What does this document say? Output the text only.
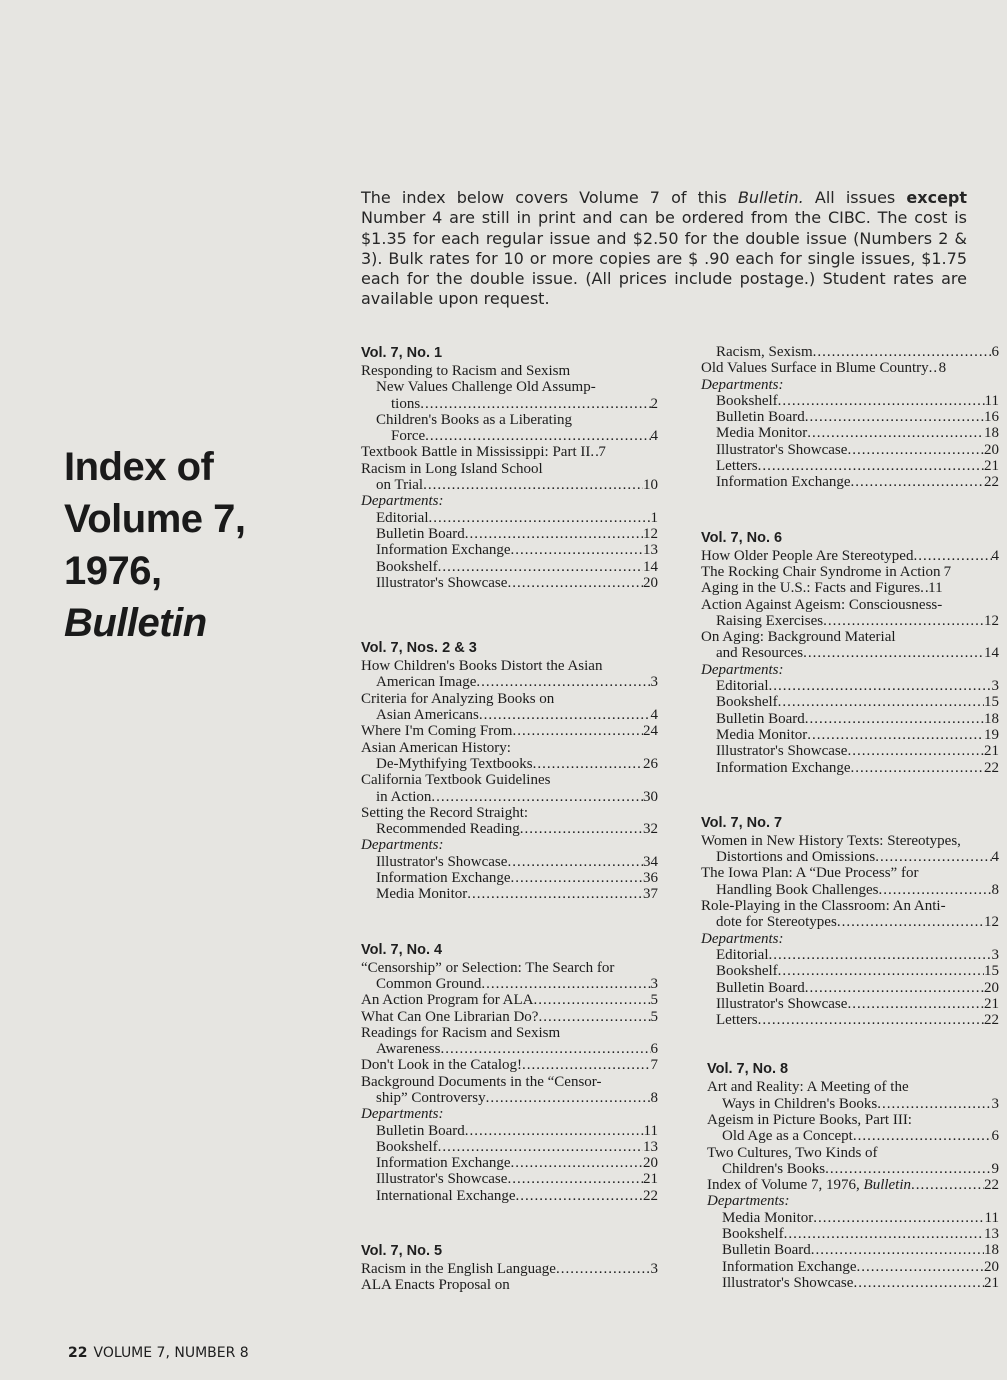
The index below covers Volume 7 of this Bulletin. All issues except Number 4 are still in print and can be ordered from the CIBC. The cost is $1.35 for each regular issue and $2.50 for the double issue (Numbers 2 & 3). Bulk rates for 10 or more copies are $ .90 each for single issues, $1.75 each for the double issue. (All prices include postage.) Student rates are available upon request.
Index of
Volume 7,
1976,
Bulletin
Vol. 7, No. 1
Responding to Racism and Sexism
New Values Challenge Old Assump-
tions .....	2
Children's Books as a Liberating
Force .....	4
Textbook Battle in Mississippi: Part II ..... 7
Racism in Long Island School
on Trial .....	10
Departments:
Editorial .....	1
Bulletin Board .....	12
Information Exchange .....	13
Bookshelf .....	14
Illustrator's Showcase .....	20
Vol. 7, Nos. 2 & 3
How Children's Books Distort the Asian
American Image .....	3
Criteria for Analyzing Books on
Asian Americans .....	4
Where I'm Coming From .....	24
Asian American History:
De-Mythifying Textbooks .....	26
California Textbook Guidelines
in Action .....	30
Setting the Record Straight:
Recommended Reading .....	32
Departments:
Illustrator's Showcase .....	34
Information Exchange .....	36
Media Monitor .....	37
Vol. 7, No. 4
“Censorship” or Selection: The Search for
Common Ground .....	3
An Action Program for ALA .....	5
What Can One Librarian Do? .....	5
Readings for Racism and Sexism
Awareness .....	6
Don't Look in the Catalog! .....	7
Background Documents in the “Censor-
ship” Controversy .....	8
Departments:
Bulletin Board .....	11
Bookshelf .....	13
Information Exchange .....	20
Illustrator's Showcase .....	21
International Exchange .....	22
Vol. 7, No. 5
Racism in the English Language .....	3
ALA Enacts Proposal on
Racism, Sexism .....	6
Old Values Surface in Blume Country ..... 8
Departments:
Bookshelf .....	11
Bulletin Board .....	16
Media Monitor .....	18
Illustrator's Showcase .....	20
Letters .....	21
Information Exchange .....	22
Vol. 7, No. 6
How Older People Are Stereotyped .....	4
The Rocking Chair Syndrome in Action 7
Aging in the U.S.: Facts and Figures ..... 11
Action Against Ageism: Consciousness-
Raising Exercises .....	12
On Aging: Background Material
and Resources .....	14
Departments:
Editorial .....	3
Bookshelf .....	15
Bulletin Board .....	18
Media Monitor .....	19
Illustrator's Showcase .....	21
Information Exchange .....	22
Vol. 7, No. 7
Women in New History Texts: Stereotypes,
Distortions and Omissions .....	4
The Iowa Plan: A “Due Process” for
Handling Book Challenges .....	8
Role-Playing in the Classroom: An Anti-
dote for Stereotypes .....	12
Departments:
Editorial .....	3
Bookshelf .....	15
Bulletin Board .....	20
Illustrator's Showcase .....	21
Letters .....	22
Vol. 7, No. 8
Art and Reality: A Meeting of the
Ways in Children's Books .....	3
Ageism in Picture Books, Part III:
Old Age as a Concept .....	6
Two Cultures, Two Kinds of
Children's Books .....	9
Index of Volume 7, 1976, Bulletin .....	22
Departments:
Media Monitor .....	11
Bookshelf .....	13
Bulletin Board .....	18
Information Exchange .....	20
Illustrator's Showcase .....	21
22 VOLUME 7, NUMBER 8
